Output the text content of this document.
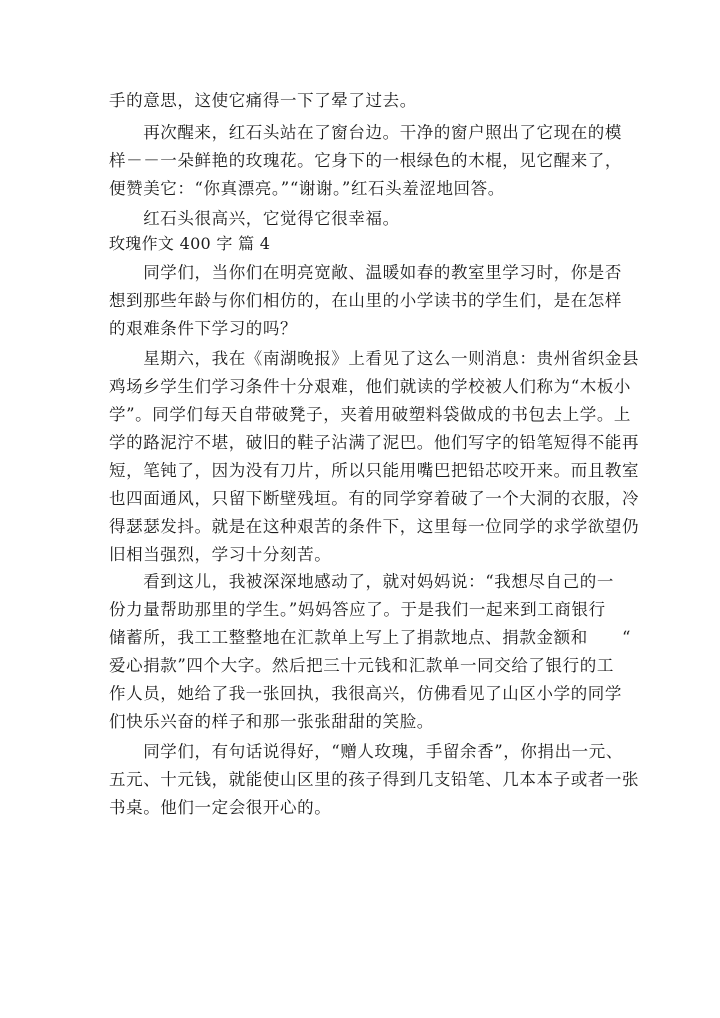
手的意思，这使它痛得一下了晕了过去。
　　再次醒来，红石头站在了窗台边。干净的窗户照出了它现在的模
样－－一朵鲜艳的玫瑰花。它身下的一根绿色的木棍，见它醒来了，
便赞美它：“你真漂亮。”“谢谢。”红石头羞涩地回答。
　　红石头很高兴，它觉得它很幸福。
玫瑰作文 400 字 篇 4
　　同学们，当你们在明亮宽敞、温暖如春的教室里学习时，你是否
想到那些年龄与你们相仿的，在山里的小学读书的学生们，是在怎样
的艰难条件下学习的吗？
　　星期六，我在《南湖晚报》上看见了这么一则消息：贵州省织金县
鸡场乡学生们学习条件十分艰难，他们就读的学校被人们称为“木板小
学”。同学们每天自带破凳子，夹着用破塑料袋做成的书包去上学。上
学的路泥泞不堪，破旧的鞋子沾满了泥巴。他们写字的铅笔短得不能再
短，笔钝了，因为没有刀片，所以只能用嘴巴把铅芯咬开来。而且教室
也四面通风，只留下断壁残垣。有的同学穿着破了一个大洞的衣服，冷
得瑟瑟发抖。就是在这种艰苦的条件下，这里每一位同学的求学欲望仍
旧相当强烈，学习十分刻苦。
　　看到这儿，我被深深地感动了，就对妈妈说：“我想尽自己的一
份力量帮助那里的学生。”妈妈答应了。于是我们一起来到工商银行
储蓄所，我工工整整地在汇款单上写上了捐款地点、捐款金额和　　“
爱心捐款”四个大字。然后把三十元钱和汇款单一同交给了银行的工
作人员，她给了我一张回执，我很高兴，仿佛看见了山区小学的同学
们快乐兴奋的样子和那一张张甜甜的笑脸。
　　同学们，有句话说得好，“赠人玫瑰，手留余香”，你捐出一元、
五元、十元钱，就能使山区里的孩子得到几支铅笔、几本本子或者一张
书桌。他们一定会很开心的。
